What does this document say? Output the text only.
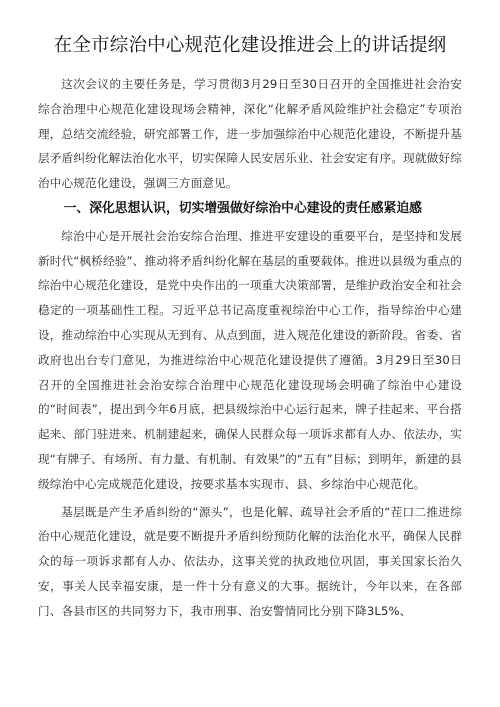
在全市综治中心规范化建设推进会上的讲话提纲

这次会议的主要任务是，学习贯彻3月29日至30日召开的全国推进社会治安综合治理中心规范化建设现场会精神，深化“化解矛盾风险维护社会稳定”专项治理，总结交流经验，研究部署工作，进一步加强综治中心规范化建设，不断提升基层矛盾纠纷化解法治化水平，切实保障人民安居乐业、社会安定有序。现就做好综治中心规范化建设，强调三方面意见。

一、深化思想认识，切实增强做好综治中心建设的责任感紧迫感

综治中心是开展社会治安综合治理、推进平安建设的重要平台，是坚持和发展新时代“枫桥经验”、推动将矛盾纠纷化解在基层的重要载体。推进以县级为重点的综治中心规范化建设，是党中央作出的一项重大决策部署，是维护政治安全和社会稳定的一项基础性工程。习近平总书记高度重视综治中心工作，指导综治中心建设，推动综治中心实现从无到有、从点到面，进入规范化建设的新阶段。省委、省政府也出台专门意见，为推进综治中心规范化建设提供了遵循。3月29日至30日召开的全国推进社会治安综合治理中心规范化建设现场会明确了综治中心建设的“时间表”，提出到今年6月底，把县级综治中心运行起来，牌子挂起来、平台搭起来、部门驻进来、机制建起来，确保人民群众每一项诉求都有人办、依法办，实现“有牌子、有场所、有力量、有机制、有效果”的“五有”目标；到明年，新建的县级综治中心完成规范化建设，按要求基本实现市、县、乡综治中心规范化。

基层既是产生矛盾纠纷的“源头”，也是化解、疏导社会矛盾的“茬口二推进综治中心规范化建设，就是要不断提升矛盾纠纷预防化解的法治化水平，确保人民群众的每一项诉求都有人办、依法办，这事关党的执政地位巩固，事关国家长治久安，事关人民幸福安康，是一件十分有意义的大事。据统计，今年以来，在各部门、各县市区的共同努力下，我市刑事、治安警情同比分别下降3L5%、
